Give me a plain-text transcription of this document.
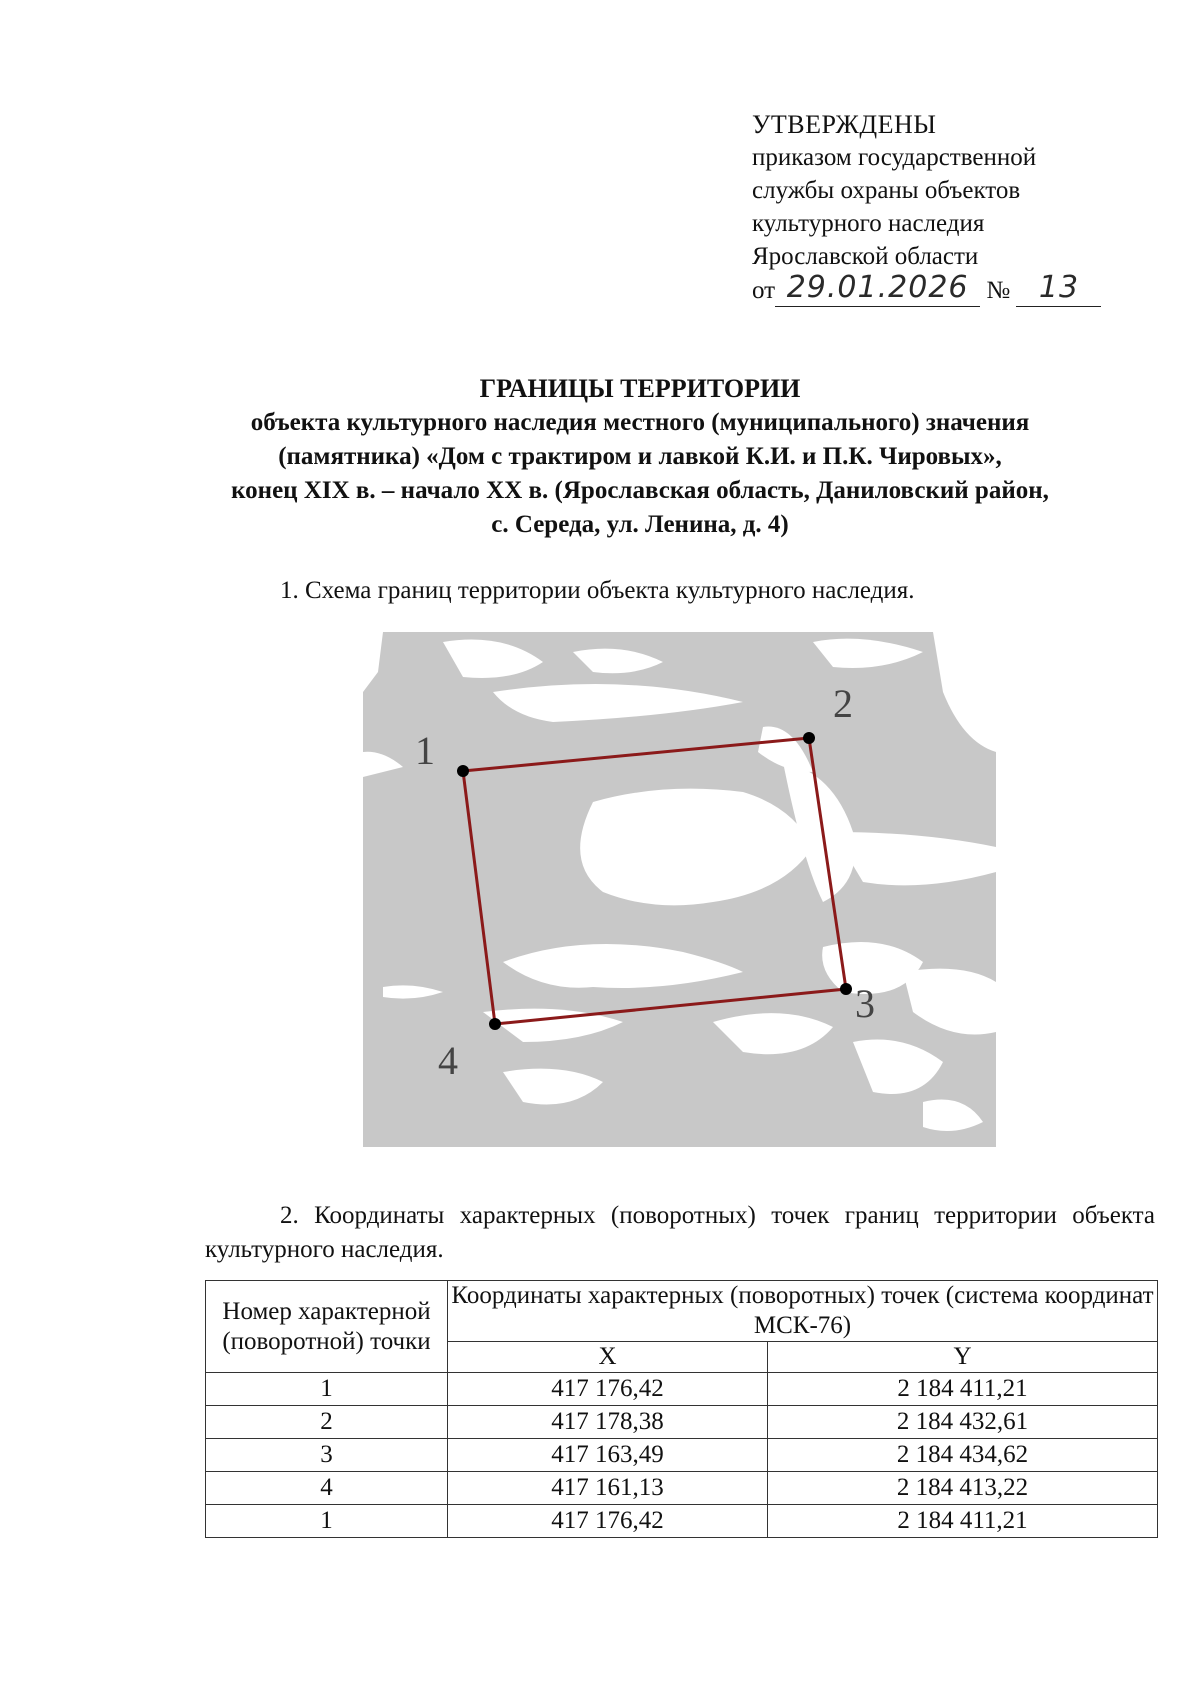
УТВЕРЖДЕНЫ
приказом государственной
службы охраны объектов
культурного наследия
Ярославской области
от 29.01.2026 № 13
ГРАНИЦЫ ТЕРРИТОРИИ
объекта культурного наследия местного (муниципального) значения
(памятника) «Дом с трактиром и лавкой К.И. и П.К. Чировых»,
конец XIX в. – начало XX в. (Ярославская область, Даниловский район,
с. Середа, ул. Ленина, д. 4)
1. Схема границ территории объекта культурного наследия.
1
2
3
4
2. Координаты характерных (поворотных) точек границ территории объекта культурного наследия.
Номер характерной (поворотной) точки	Координаты характерных (поворотных) точек (система координат МСК-76)	
	X	Y
1	417 176,42	2 184 411,21
2	417 178,38	2 184 432,61
3	417 163,49	2 184 434,62
4	417 161,13	2 184 413,22
1	417 176,42	2 184 411,21
